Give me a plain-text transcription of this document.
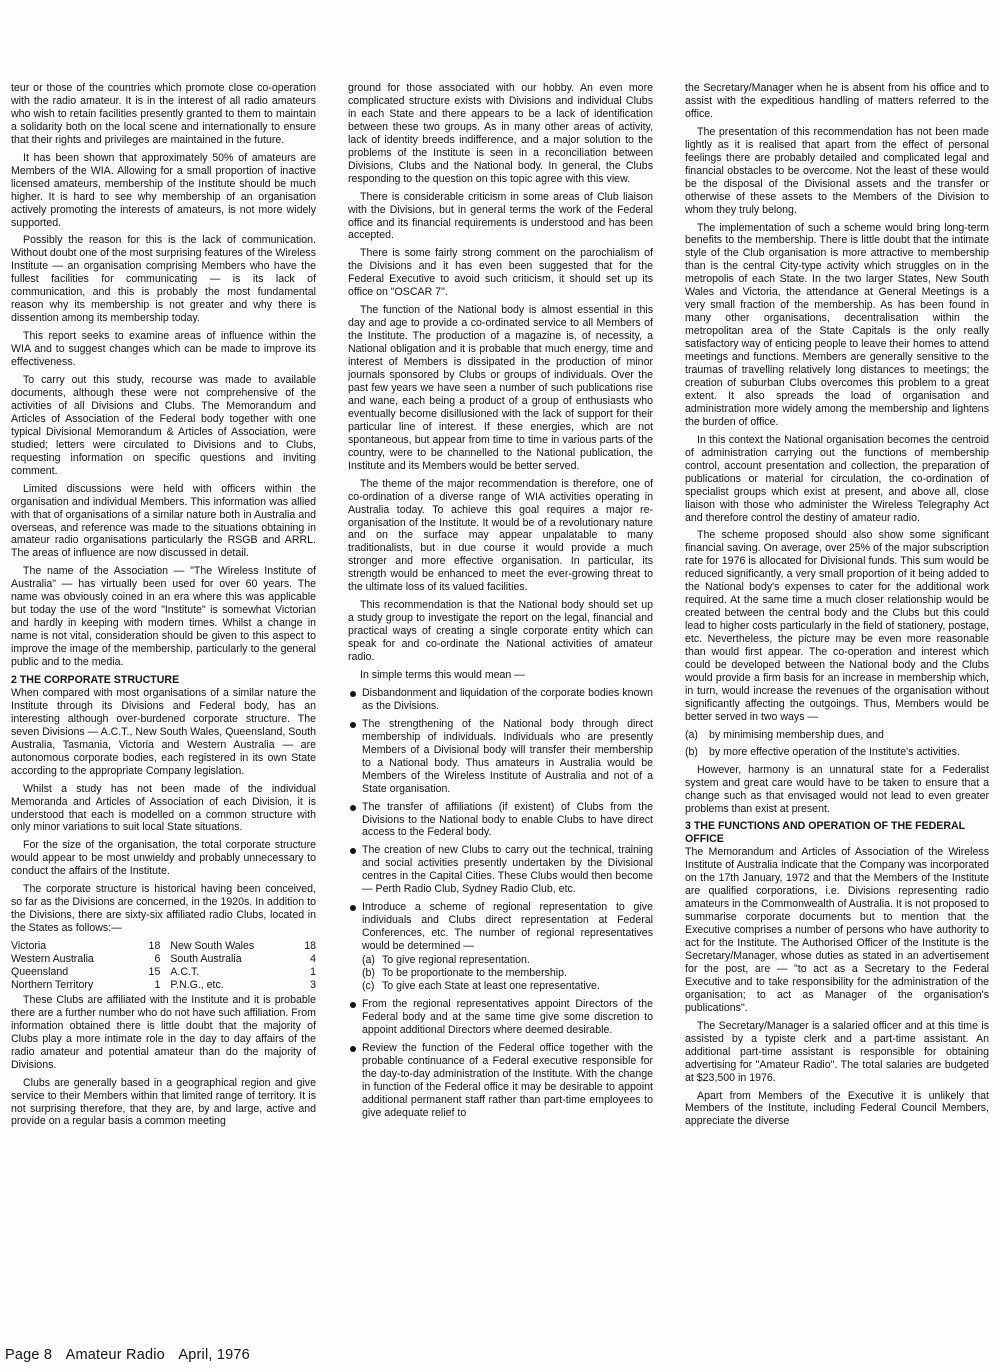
teur or those of the countries which promote close co-operation with the radio amateur. It is in the interest of all radio amateurs who wish to retain facilities presently granted to them to maintain a solidarity both on the local scene and internationally to ensure that their rights and privileges are maintained in the future.

It has been shown that approximately 50% of amateurs are Members of the WIA. Allowing for a small proportion of inactive licensed amateurs, membership of the Institute should be much higher. It is hard to see why membership of an organisation actively promoting the interests of amateurs, is not more widely supported.

Possibly the reason for this is the lack of communication. Without doubt one of the most surprising features of the Wireless Institute — an organisation comprising Members who have the fullest facilities for communicating — is its lack of communication, and this is probably the most fundamental reason why its membership is not greater and why there is dissention among its membership today.

This report seeks to examine areas of influence within the WIA and to suggest changes which can be made to improve its effectiveness.

To carry out this study, recourse was made to available documents, although these were not comprehensive of the activities of all Divisions and Clubs. The Memorandum and Articles of Association of the Federal body together with one typical Divisional Memorandum & Articles of Association, were studied; letters were circulated to Divisions and to Clubs, requesting information on specific questions and inviting comment.

Limited discussions were held with officers within the organisation and individual Members. This information was allied with that of organisations of a similar nature both in Australia and overseas, and reference was made to the situations obtaining in amateur radio organisations particularly the RSGB and ARRL. The areas of influence are now discussed in detail.

The name of the Association — "The Wireless Institute of Australia" — has virtually been used for over 60 years. The name was obviously coined in an era where this was applicable but today the use of the word "Institute" is somewhat Victorian and hardly in keeping with modern times. Whilst a change in name is not vital, consideration should be given to this aspect to improve the image of the membership, particularly to the general public and to the media.

2 THE CORPORATE STRUCTURE

When compared with most organisations of a similar nature the Institute through its Divisions and Federal body, has an interesting although over-burdened corporate structure. The seven Divisions — A.C.T., New South Wales, Queensland, South Australia, Tasmania, Victoria and Western Australia — are autonomous corporate bodies, each registered in its own State according to the appropriate Company legislation.

Whilst a study has not been made of the individual Memoranda and Articles of Association of each Division, it is understood that each is modelled on a common structure with only minor variations to suit local State situations.

For the size of the organisation, the total corporate structure would appear to be most unwieldy and probably unnecessary to conduct the affairs of the Institute.

The corporate structure is historical having been conceived, so far as the Divisions are concerned, in the 1920s. In addition to the Divisions, there are sixty-six affiliated radio Clubs, located in the States as follows:—

Victoria	18	New South Wales	18
Western Australia	6	South Australia	4
Queensland	15	A.C.T.	1
Northern Territory	1	P.N.G., etc.	3

These Clubs are affiliated with the Institute and it is probable there are a further number who do not have such affiliation. From information obtained there is little doubt that the majority of Clubs play a more intimate role in the day to day affairs of the radio amateur and potential amateur than do the majority of Divisions.

Clubs are generally based in a geographical region and give service to their Members within that limited range of territory. It is not surprising therefore, that they are, by and large, active and provide on a regular basis a common meeting

ground for those associated with our hobby. An even more complicated structure exists with Divisions and individual Clubs in each State and there appears to be a lack of identification between these two groups. As in many other areas of activity, lack of identity breeds indifference, and a major solution to the problems of the Institute is seen in a reconciliation between Divisions, Clubs and the National body. In general, the Clubs responding to the question on this topic agree with this view.

There is considerable criticism in some areas of Club liaison with the Divisions, but in general terms the work of the Federal office and its financial requirements is understood and has been accepted.

There is some fairly strong comment on the parochialism of the Divisions and it has even been suggested that for the Federal Executive to avoid such criticism, it should set up its office on "OSCAR 7".

The function of the National body is almost essential in this day and age to provide a co-ordinated service to all Members of the Institute. The production of a magazine is, of necessity, a National obligation and it is probable that much energy, time and interest of Members is dissipated in the production of minor journals sponsored by Clubs or groups of individuals. Over the past few years we have seen a number of such publications rise and wane, each being a product of a group of enthusiasts who eventually become disillusioned with the lack of support for their particular line of interest. If these energies, which are not spontaneous, but appear from time to time in various parts of the country, were to be channelled to the National publication, the Institute and its Members would be better served.

The theme of the major recommendation is therefore, one of co-ordination of a diverse range of WIA activities operating in Australia today. To achieve this goal requires a major re-organisation of the Institute. It would be of a revolutionary nature and on the surface may appear unpalatable to many traditionalists, but in due course it would provide a much stronger and more effective organisation. In particular, its strength would be enhanced to meet the ever-growing threat to the ultimate loss of its valued facilities.

This recommendation is that the National body should set up a study group to investigate the report on the legal, financial and practical ways of creating a single corporate entity which can speak for and co-ordinate the National activities of amateur radio.

In simple terms this would mean —

Disbandonment and liquidation of the corporate bodies known as the Divisions.
The strengthening of the National body through direct membership of individuals. Individuals who are presently Members of a Divisional body will transfer their membership to a National body. Thus amateurs in Australia would be Members of the Wireless Institute of Australia and not of a State organisation.
The transfer of affiliations (if existent) of Clubs from the Divisions to the National body to enable Clubs to have direct access to the Federal body.
The creation of new Clubs to carry out the technical, training and social activities presently undertaken by the Divisional centres in the Capital Cities. These Clubs would then become — Perth Radio Club, Sydney Radio Club, etc.
Introduce a scheme of regional representation to give individuals and Clubs direct representation at Federal Conferences, etc. The number of regional representatives would be determined —
(a) To give regional representation.
(b) To be proportionate to the membership.
(c) To give each State at least one representative.
From the regional representatives appoint Directors of the Federal body and at the same time give some discretion to appoint additional Directors where deemed desirable.
Review the function of the Federal office together with the probable continuance of a Federal executive responsible for the day-to-day administration of the Institute. With the change in function of the Federal office it may be desirable to appoint additional permanent staff rather than part-time employees to give adequate relief to

the Secretary/Manager when he is absent from his office and to assist with the expeditious handling of matters referred to the office.

The presentation of this recommendation has not been made lightly as it is realised that apart from the effect of personal feelings there are probably detailed and complicated legal and financial obstacles to be overcome. Not the least of these would be the disposal of the Divisional assets and the transfer or otherwise of these assets to the Members of the Division to whom they truly belong.

The implementation of such a scheme would bring long-term benefits to the membership. There is little doubt that the intimate style of the Club organisation is more attractive to membership than is the central City-type activity which struggles on in the metropolis of each State. In the two larger States, New South Wales and Victoria, the attendance at General Meetings is a very small fraction of the membership. As has been found in many other organisations, decentralisation within the metropolitan area of the State Capitals is the only really satisfactory way of enticing people to leave their homes to attend meetings and functions. Members are generally sensitive to the traumas of travelling relatively long distances to meetings; the creation of suburban Clubs overcomes this problem to a great extent. It also spreads the load of organisation and administration more widely among the membership and lightens the burden of office.

In this context the National organisation becomes the centroid of administration carrying out the functions of membership control, account presentation and collection, the preparation of publications or material for circulation, the co-ordination of specialist groups which exist at present, and above all, close liaison with those who administer the Wireless Telegraphy Act and therefore control the destiny of amateur radio.

The scheme proposed should also show some significant financial saving. On average, over 25% of the major subscription rate for 1976 is allocated for Divisional funds. This sum would be reduced significantly, a very small proportion of it being added to the National body's expenses to cater for the additional work required. At the same time a much closer relationship would be created between the central body and the Clubs but this could lead to higher costs particularly in the field of stationery, postage, etc. Nevertheless, the picture may be even more reasonable than would first appear. The co-operation and interest which could be developed between the National body and the Clubs would provide a firm basis for an increase in membership which, in turn, would increase the revenues of the organisation without significantly affecting the outgoings. Thus, Members would be better served in two ways —

(a)	by minimising membership dues, and
(b)	by more effective operation of the Institute's activities.

However, harmony is an unnatural state for a Federalist system and great care would have to be taken to ensure that a change such as that envisaged would not lead to even greater problems than exist at present.

3 THE FUNCTIONS AND OPERATION OF THE FEDERAL OFFICE

The Memorandum and Articles of Association of the Wireless Institute of Australia indicate that the Company was incorporated on the 17th January, 1972 and that the Members of the Institute are qualified corporations, i.e. Divisions representing radio amateurs in the Commonwealth of Australia. It is not proposed to summarise corporate documents but to mention that the Executive comprises a number of persons who have authority to act for the Institute. The Authorised Officer of the Institute is the Secretary/Manager, whose duties as stated in an advertisement for the post, are — "to act as a Secretary to the Federal Executive and to take responsibility for the administration of the organisation; to act as Manager of the organisation's publications".

The Secretary/Manager is a salaried officer and at this time is assisted by a typiste clerk and a part-time assistant. An additional part-time assistant is responsible for obtaining advertising for "Amateur Radio". The total salaries are budgeted at $23,500 in 1976.

Apart from Members of the Executive it is unlikely that Members of the Institute, including Federal Council Members, appreciate the diverse

Page 8 Amateur Radio April, 1976
